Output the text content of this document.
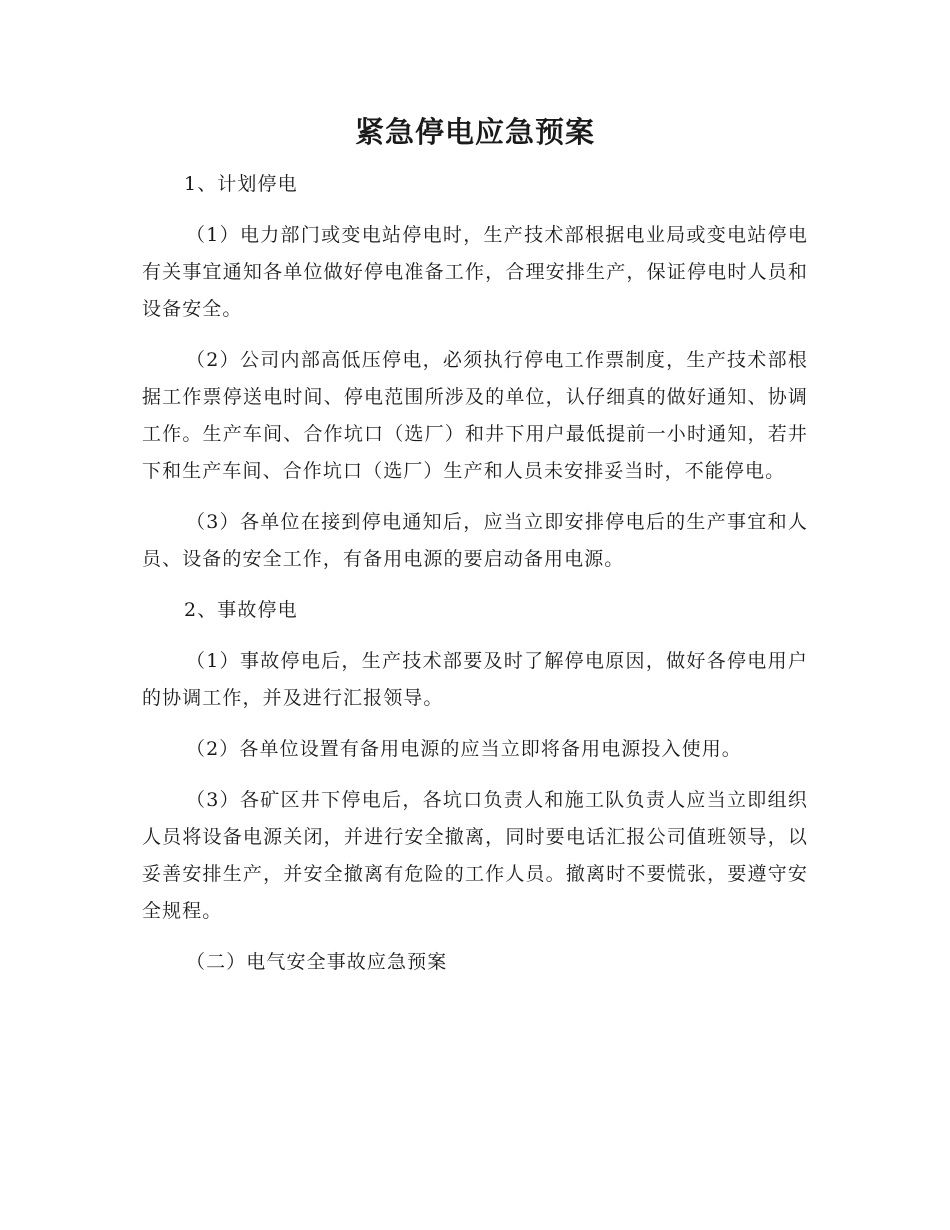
紧急停电应急预案

1、计划停电

（1）电力部门或变电站停电时，生产技术部根据电业局或变电站停电有关事宜通知各单位做好停电准备工作，合理安排生产，保证停电时人员和设备安全。

（2）公司内部高低压停电，必须执行停电工作票制度，生产技术部根据工作票停送电时间、停电范围所涉及的单位，认仔细真的做好通知、协调工作。生产车间、合作坑口（选厂）和井下用户最低提前一小时通知，若井下和生产车间、合作坑口（选厂）生产和人员未安排妥当时，不能停电。

（3）各单位在接到停电通知后，应当立即安排停电后的生产事宜和人员、设备的安全工作，有备用电源的要启动备用电源。

2、事故停电

（1）事故停电后，生产技术部要及时了解停电原因，做好各停电用户的协调工作，并及进行汇报领导。

（2）各单位设置有备用电源的应当立即将备用电源投入使用。

（3）各矿区井下停电后，各坑口负责人和施工队负责人应当立即组织人员将设备电源关闭，并进行安全撤离，同时要电话汇报公司值班领导，以妥善安排生产，并安全撤离有危险的工作人员。撤离时不要慌张，要遵守安全规程。

（二）电气安全事故应急预案
